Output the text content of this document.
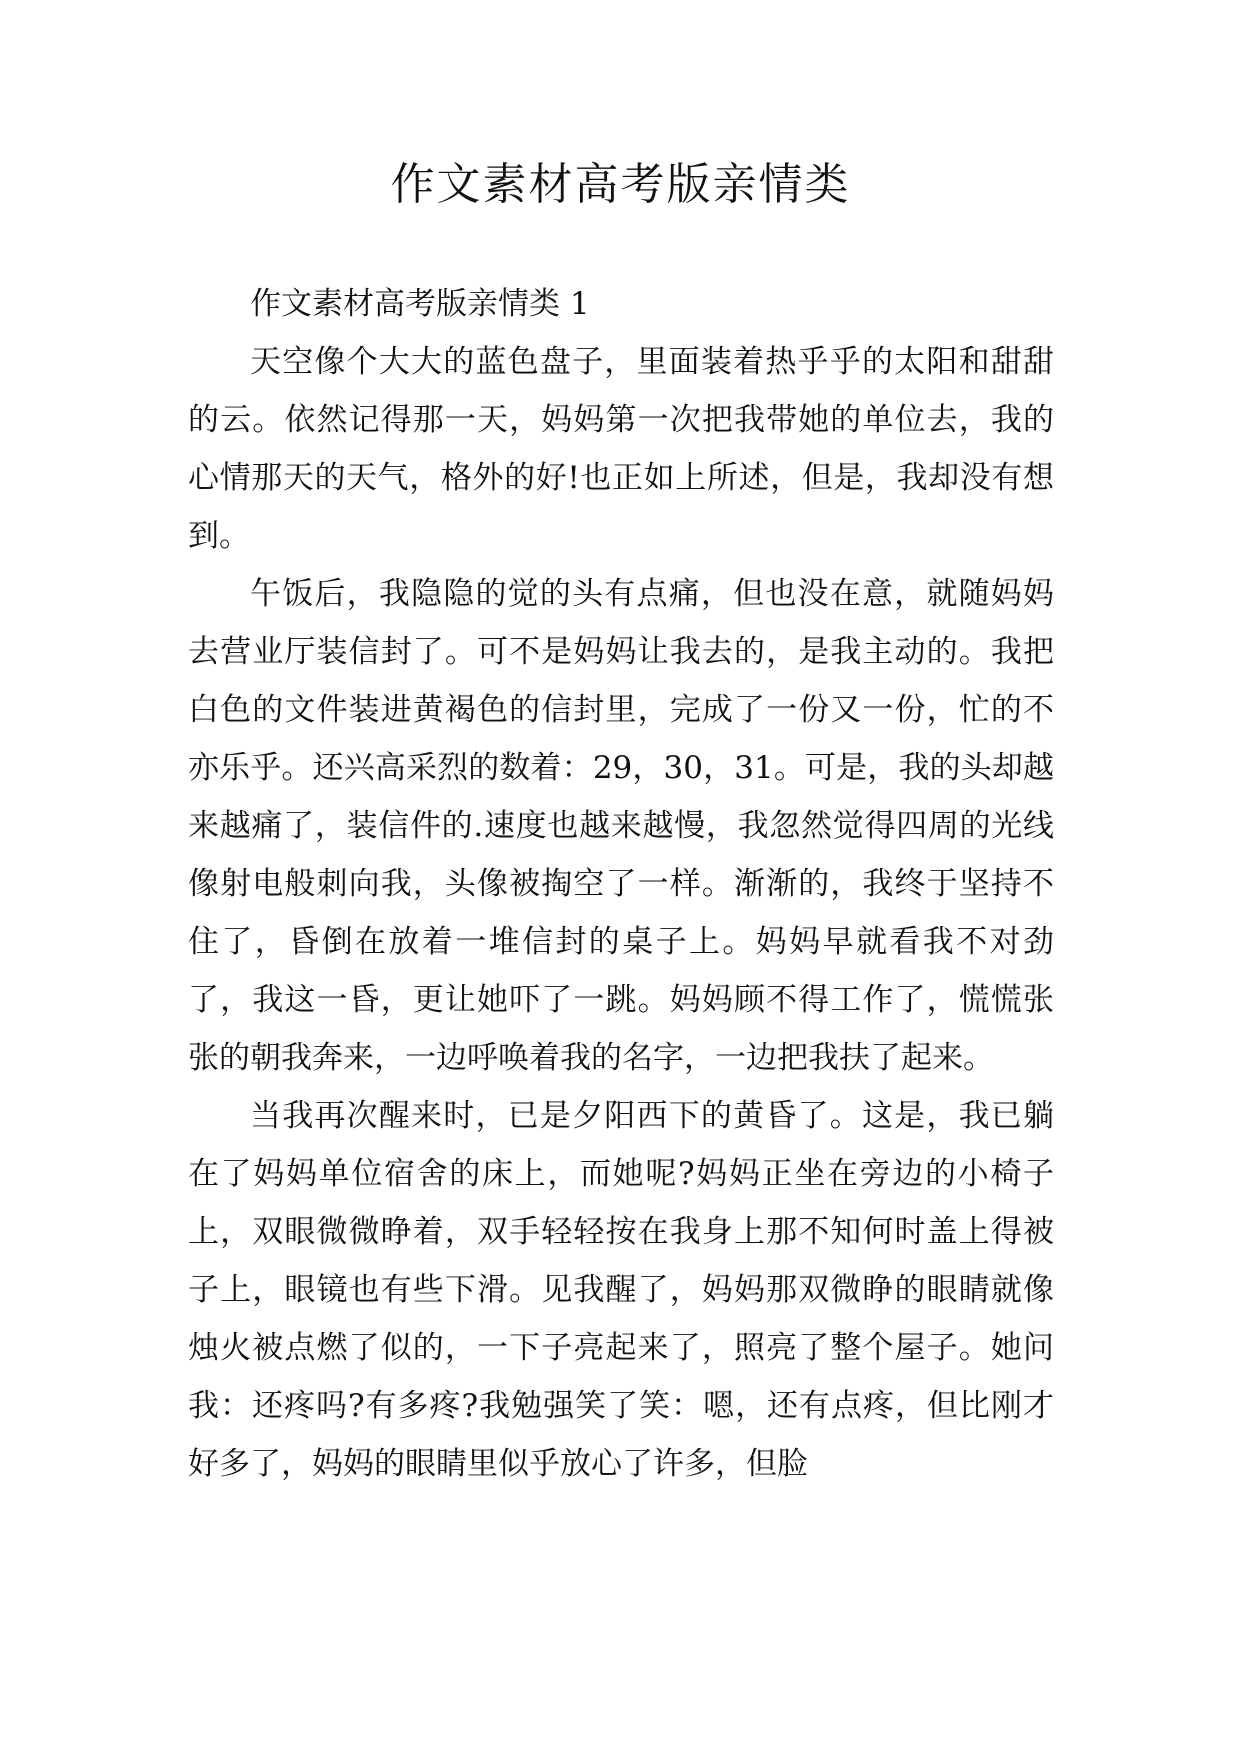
作文素材高考版亲情类

作文素材高考版亲情类 1

天空像个大大的蓝色盘子，里面装着热乎乎的太阳和甜甜的云。依然记得那一天，妈妈第一次把我带她的单位去，我的心情那天的天气，格外的好!也正如上所述，但是，我却没有想到。

午饭后，我隐隐的觉的头有点痛，但也没在意，就随妈妈去营业厅装信封了。可不是妈妈让我去的，是我主动的。我把白色的文件装进黄褐色的信封里，完成了一份又一份，忙的不亦乐乎。还兴高采烈的数着：29，30，31。可是，我的头却越来越痛了，装信件的.速度也越来越慢，我忽然觉得四周的光线像射电般刺向我，头像被掏空了一样。渐渐的，我终于坚持不住了，昏倒在放着一堆信封的桌子上。妈妈早就看我不对劲了，我这一昏，更让她吓了一跳。妈妈顾不得工作了，慌慌张张的朝我奔来，一边呼唤着我的名字，一边把我扶了起来。

当我再次醒来时，已是夕阳西下的黄昏了。这是，我已躺在了妈妈单位宿舍的床上，而她呢?妈妈正坐在旁边的小椅子上，双眼微微睁着，双手轻轻按在我身上那不知何时盖上得被子上，眼镜也有些下滑。见我醒了，妈妈那双微睁的眼睛就像烛火被点燃了似的，一下子亮起来了，照亮了整个屋子。她问我：还疼吗?有多疼?我勉强笑了笑：嗯，还有点疼，但比刚才好多了，妈妈的眼睛里似乎放心了许多，但脸
